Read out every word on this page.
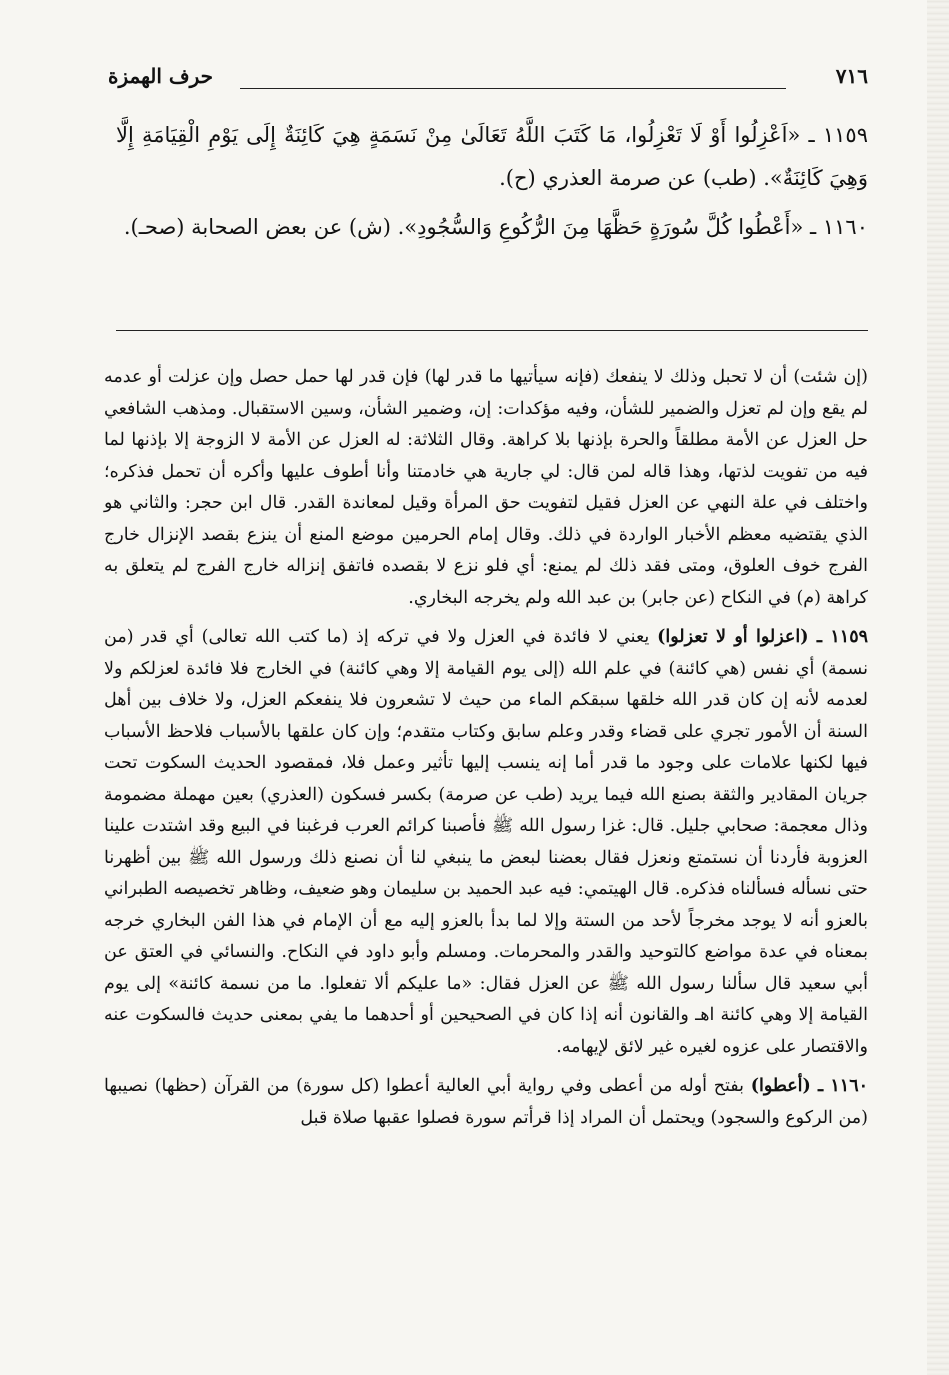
٧١٦
حرف الهمزة

١١٥٩ ـ «اَعْزِلُوا أَوْ لَا تَعْزِلُوا، مَا كَتَبَ اللَّهُ تَعَالَىٰ مِنْ نَسَمَةٍ هِيَ كَائِنَةٌ إِلَى يَوْمِ الْقِيَامَةِ إِلَّا وَهِيَ كَائِنَةٌ». (طب) عن صرمة العذري (ح).

١١٦٠ ـ «أَعْطُوا كُلَّ سُورَةٍ حَظَّهَا مِنَ الرُّكُوعِ وَالسُّجُودِ». (ش) عن بعض الصحابة (صحـ).

(إن شئت) أن لا تحبل وذلك لا ينفعك (فإنه سيأتيها ما قدر لها) فإن قدر لها حمل حصل وإن عزلت أو عدمه لم يقع وإن لم تعزل والضمير للشأن، وفيه مؤكدات: إن، وضمير الشأن، وسين الاستقبال. ومذهب الشافعي حل العزل عن الأمة مطلقاً والحرة بإذنها بلا كراهة. وقال الثلاثة: له العزل عن الأمة لا الزوجة إلا بإذنها لما فيه من تفويت لذتها، وهذا قاله لمن قال: لي جارية هي خادمتنا وأنا أطوف عليها وأكره أن تحمل فذكره؛ واختلف في علة النهي عن العزل فقيل لتفويت حق المرأة وقيل لمعاندة القدر. قال ابن حجر: والثاني هو الذي يقتضيه معظم الأخبار الواردة في ذلك. وقال إمام الحرمين موضع المنع أن ينزع بقصد الإنزال خارج الفرج خوف العلوق، ومتى فقد ذلك لم يمنع: أي فلو نزع لا بقصده فاتفق إنزاله خارج الفرج لم يتعلق به كراهة (م) في النكاح (عن جابر) بن عبد الله ولم يخرجه البخاري.

١١٥٩ ـ (اعزلوا أو لا تعزلوا) يعني لا فائدة في العزل ولا في تركه إذ (ما كتب الله تعالى) أي قدر (من نسمة) أي نفس (هي كائنة) في علم الله (إلى يوم القيامة إلا وهي كائنة) في الخارج فلا فائدة لعزلكم ولا لعدمه لأنه إن كان قدر الله خلقها سبقكم الماء من حيث لا تشعرون فلا ينفعكم العزل، ولا خلاف بين أهل السنة أن الأمور تجري على قضاء وقدر وعلم سابق وكتاب متقدم؛ وإن كان علقها بالأسباب فلاحظ الأسباب فيها لكنها علامات على وجود ما قدر أما إنه ينسب إليها تأثير وعمل فلا، فمقصود الحديث السكوت تحت جريان المقادير والثقة بصنع الله فيما يريد (طب عن صرمة) بكسر فسكون (العذري) بعين مهملة مضمومة وذال معجمة: صحابي جليل. قال: غزا رسول الله ﷺ فأصبنا كرائم العرب فرغبنا في البيع وقد اشتدت علينا العزوبة فأردنا أن نستمتع ونعزل فقال بعضنا لبعض ما ينبغي لنا أن نصنع ذلك ورسول الله ﷺ بين أظهرنا حتى نسأله فسألناه فذكره. قال الهيتمي: فيه عبد الحميد بن سليمان وهو ضعيف، وظاهر تخصيصه الطبراني بالعزو أنه لا يوجد مخرجاً لأحد من الستة وإلا لما بدأ بالعزو إليه مع أن الإمام في هذا الفن البخاري خرجه بمعناه في عدة مواضع كالتوحيد والقدر والمحرمات. ومسلم وأبو داود في النكاح. والنسائي في العتق عن أبي سعيد قال سألنا رسول الله ﷺ عن العزل فقال: «ما عليكم ألا تفعلوا. ما من نسمة كائنة» إلى يوم القيامة إلا وهي كائنة اهـ والقانون أنه إذا كان في الصحيحين أو أحدهما ما يفي بمعنى حديث فالسكوت عنه والاقتصار على عزوه لغيره غير لائق لإيهامه.

١١٦٠ ـ (أعطوا) بفتح أوله من أعطى وفي رواية أبي العالية أعطوا (كل سورة) من القرآن (حظها) نصيبها (من الركوع والسجود) ويحتمل أن المراد إذا قرأتم سورة فصلوا عقبها صلاة قبل
